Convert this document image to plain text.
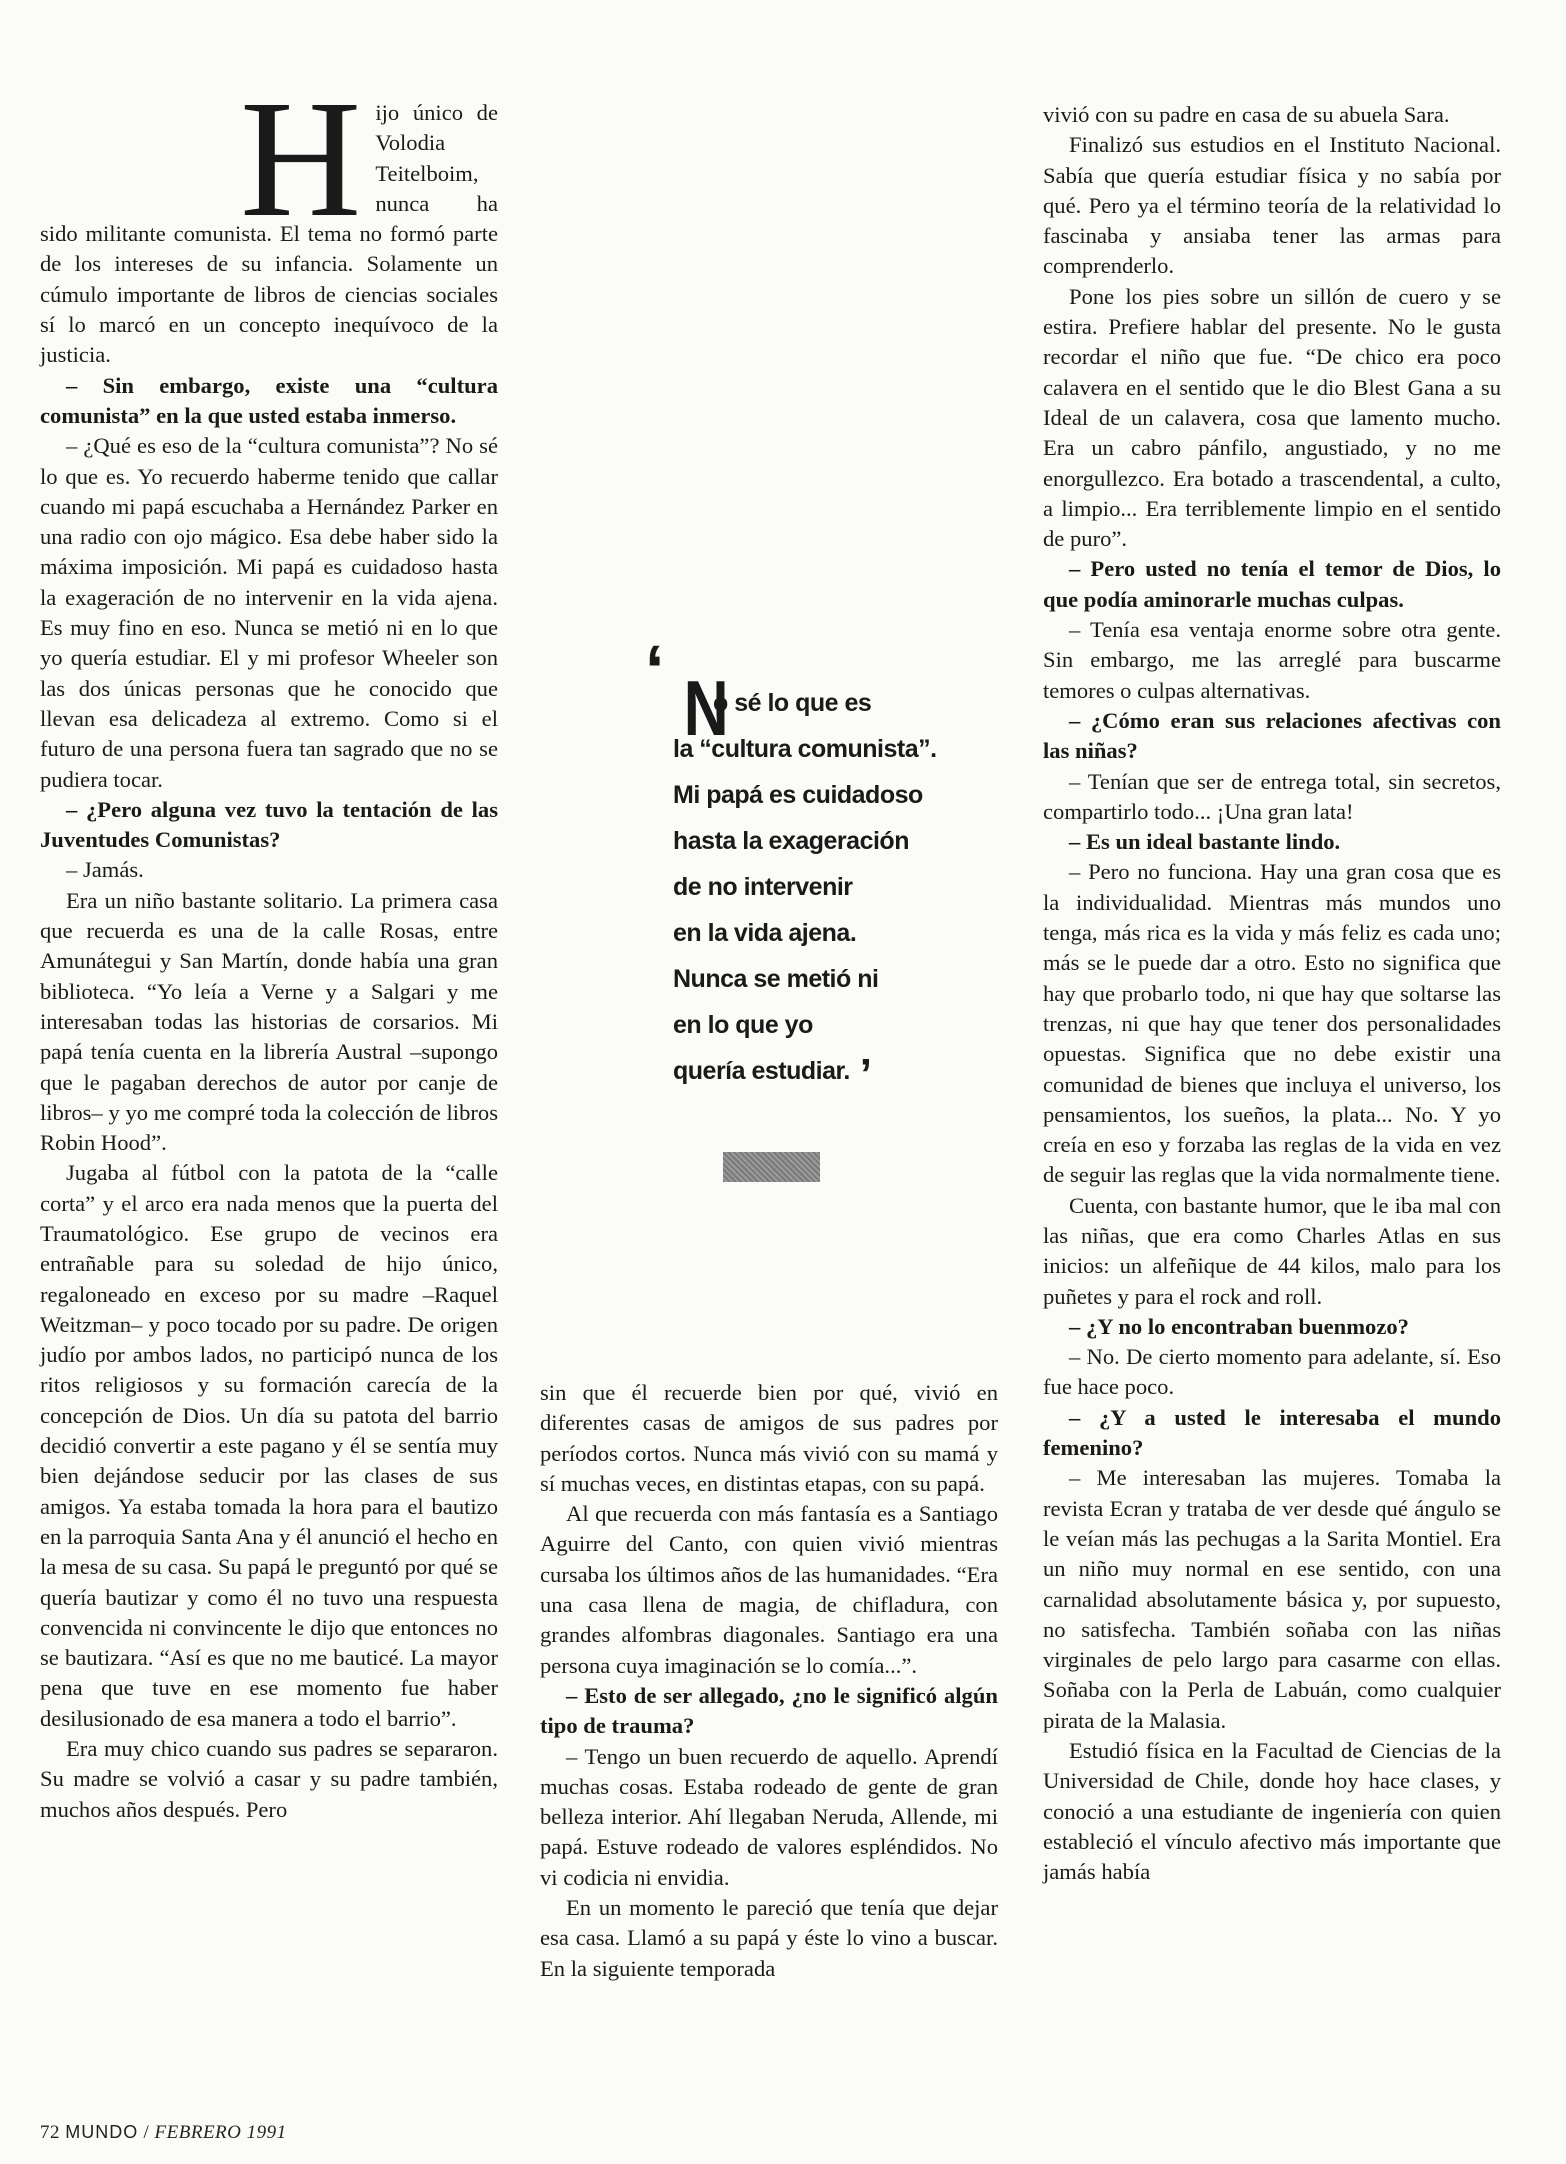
Hijo único de Volodia Teitelboim, nunca ha sido militante comunista. El tema no formó parte de los intereses de su infancia. Solamente un cúmulo importante de libros de ciencias sociales sí lo marcó en un concepto inequívoco de la justicia.

– Sin embargo, existe una “cultura comunista” en la que usted estaba inmerso.

– ¿Qué es eso de la “cultura comunista”? No sé lo que es. Yo recuerdo haberme tenido que callar cuando mi papá escuchaba a Hernández Parker en una radio con ojo mágico. Esa debe haber sido la máxima imposición. Mi papá es cuidadoso hasta la exageración de no intervenir en la vida ajena. Es muy fino en eso. Nunca se metió ni en lo que yo quería estudiar. El y mi profesor Wheeler son las dos únicas personas que he conocido que llevan esa delicadeza al extremo. Como si el futuro de una persona fuera tan sagrado que no se pudiera tocar.

– ¿Pero alguna vez tuvo la tentación de las Juventudes Comunistas?

– Jamás.

Era un niño bastante solitario. La primera casa que recuerda es una de la calle Rosas, entre Amunátegui y San Martín, donde había una gran biblioteca. “Yo leía a Verne y a Salgari y me interesaban todas las historias de corsarios. Mi papá tenía cuenta en la librería Austral –supongo que le pagaban derechos de autor por canje de libros– y yo me compré toda la colección de libros Robin Hood”.

Jugaba al fútbol con la patota de la “calle corta” y el arco era nada menos que la puerta del Traumatológico. Ese grupo de vecinos era entrañable para su soledad de hijo único, regaloneado en exceso por su madre –Raquel Weitzman– y poco tocado por su padre. De origen judío por ambos lados, no participó nunca de los ritos religiosos y su formación carecía de la concepción de Dios. Un día su patota del barrio decidió convertir a este pagano y él se sentía muy bien dejándose seducir por las clases de sus amigos. Ya estaba tomada la hora para el bautizo en la parroquia Santa Ana y él anunció el hecho en la mesa de su casa. Su papá le preguntó por qué se quería bautizar y como él no tuvo una respuesta convencida ni convincente le dijo que entonces no se bautizara. “Así es que no me bauticé. La mayor pena que tuve en ese momento fue haber desilusionado de esa manera a todo el barrio”.

Era muy chico cuando sus padres se separaron. Su madre se volvió a casar y su padre también, muchos años después. Pero

‘ N
o sé lo que es
la “cultura comunista”.
Mi papá es cuidadoso
hasta la exageración
de no intervenir
en la vida ajena.
Nunca se metió ni
en lo que yo
quería estudiar. ’

sin que él recuerde bien por qué, vivió en diferentes casas de amigos de sus padres por períodos cortos. Nunca más vivió con su mamá y sí muchas veces, en distintas etapas, con su papá.

Al que recuerda con más fantasía es a Santiago Aguirre del Canto, con quien vivió mientras cursaba los últimos años de las humanidades. “Era una casa llena de magia, de chifladura, con grandes alfombras diagonales. Santiago era una persona cuya imaginación se lo comía...”.

– Esto de ser allegado, ¿no le significó algún tipo de trauma?

– Tengo un buen recuerdo de aquello. Aprendí muchas cosas. Estaba rodeado de gente de gran belleza interior. Ahí llegaban Neruda, Allende, mi papá. Estuve rodeado de valores espléndidos. No vi codicia ni envidia.

En un momento le pareció que tenía que dejar esa casa. Llamó a su papá y éste lo vino a buscar. En la siguiente temporada

vivió con su padre en casa de su abuela Sara.

Finalizó sus estudios en el Instituto Nacional. Sabía que quería estudiar física y no sabía por qué. Pero ya el término teoría de la relatividad lo fascinaba y ansiaba tener las armas para comprenderlo.

Pone los pies sobre un sillón de cuero y se estira. Prefiere hablar del presente. No le gusta recordar el niño que fue. “De chico era poco calavera en el sentido que le dio Blest Gana a su Ideal de un calavera, cosa que lamento mucho. Era un cabro pánfilo, angustiado, y no me enorgullezco. Era botado a trascendental, a culto, a limpio... Era terriblemente limpio en el sentido de puro”.

– Pero usted no tenía el temor de Dios, lo que podía aminorarle muchas culpas.

– Tenía esa ventaja enorme sobre otra gente. Sin embargo, me las arreglé para buscarme temores o culpas alternativas.

– ¿Cómo eran sus relaciones afectivas con las niñas?

– Tenían que ser de entrega total, sin secretos, compartirlo todo... ¡Una gran lata!

– Es un ideal bastante lindo.

– Pero no funciona. Hay una gran cosa que es la individualidad. Mientras más mundos uno tenga, más rica es la vida y más feliz es cada uno; más se le puede dar a otro. Esto no significa que hay que probarlo todo, ni que hay que soltarse las trenzas, ni que hay que tener dos personalidades opuestas. Significa que no debe existir una comunidad de bienes que incluya el universo, los pensamientos, los sueños, la plata... No. Y yo creía en eso y forzaba las reglas de la vida en vez de seguir las reglas que la vida normalmente tiene.

Cuenta, con bastante humor, que le iba mal con las niñas, que era como Charles Atlas en sus inicios: un alfeñique de 44 kilos, malo para los puñetes y para el rock and roll.

– ¿Y no lo encontraban buenmozo?

– No. De cierto momento para adelante, sí. Eso fue hace poco.

– ¿Y a usted le interesaba el mundo femenino?

– Me interesaban las mujeres. Tomaba la revista Ecran y trataba de ver desde qué ángulo se le veían más las pechugas a la Sarita Montiel. Era un niño muy normal en ese sentido, con una carnalidad absolutamente básica y, por supuesto, no satisfecha. También soñaba con las niñas virginales de pelo largo para casarme con ellas. Soñaba con la Perla de Labuán, como cualquier pirata de la Malasia.

Estudió física en la Facultad de Ciencias de la Universidad de Chile, donde hoy hace clases, y conoció a una estudiante de ingeniería con quien estableció el vínculo afectivo más importante que jamás había

72 MUNDO / FEBRERO 1991
